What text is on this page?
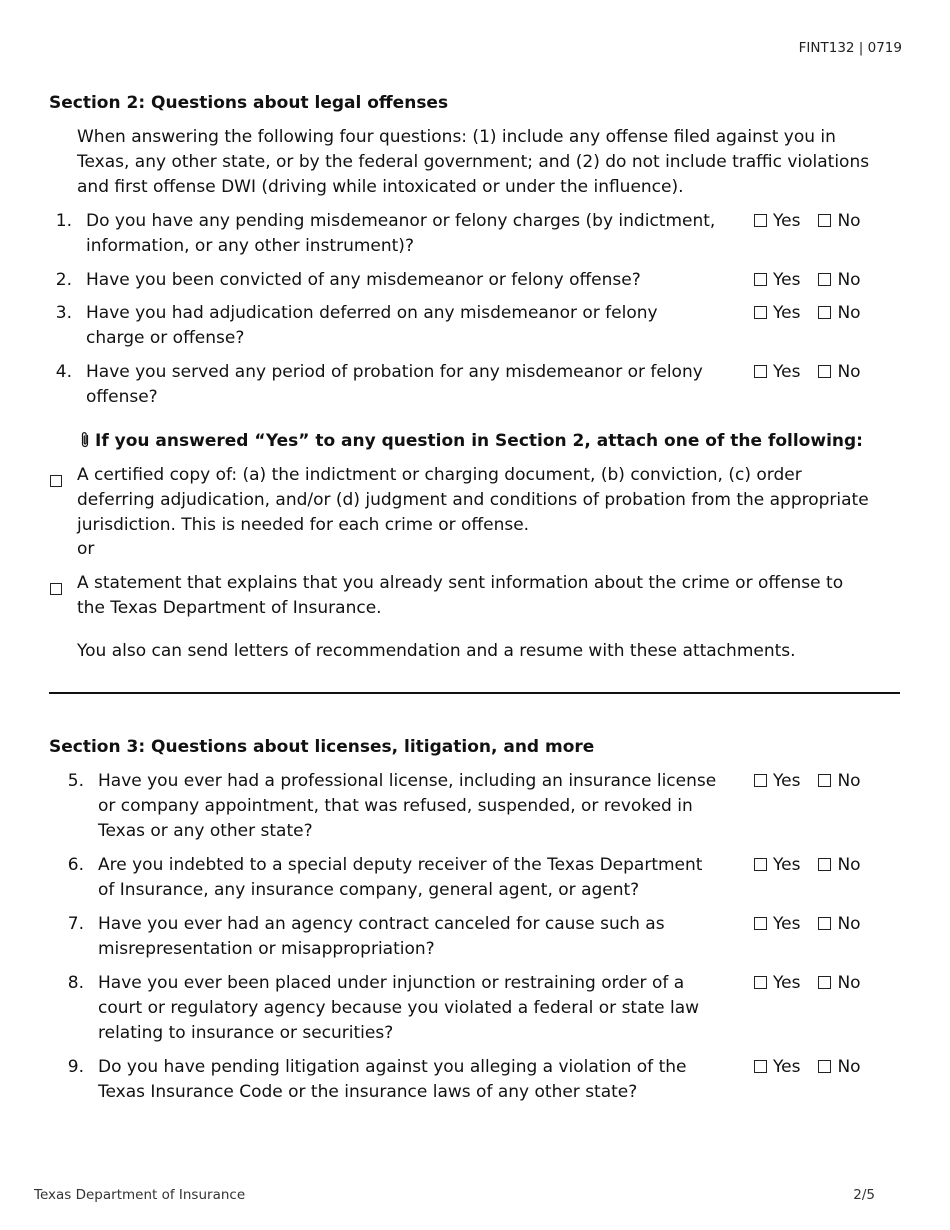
FINT132 | 0719
Section 2: Questions about legal offenses
When answering the following four questions: (1) include any offense filed against you in Texas, any other state, or by the federal government; and (2) do not include traffic violations and first offense DWI (driving while intoxicated or under the influence).
1. Do you have any pending misdemeanor or felony charges (by indictment, information, or any other instrument)?
Yes No
2. Have you been convicted of any misdemeanor or felony offense?	Yes No
3. Have you had adjudication deferred on any misdemeanor or felony charge or offense?
Yes No
4. Have you served any period of probation for any misdemeanor or felony offense?
Yes No
If you answered “Yes” to any question in Section 2, attach one of the following:
A certified copy of: (a) the indictment or charging document, (b) conviction, (c) order deferring adjudication, and/or (d) judgment and conditions of probation from the appropriate jurisdiction. This is needed for each crime or offense.
or
A statement that explains that you already sent information about the crime or offense to the Texas Department of Insurance.
You also can send letters of recommendation and a resume with these attachments.
Section 3: Questions about licenses, litigation, and more
5. Have you ever had a professional license, including an insurance license or company appointment, that was refused, suspended, or revoked in Texas or any other state?
Yes No
6. Are you indebted to a special deputy receiver of the Texas Department of Insurance, any insurance company, general agent, or agent?
Yes No
7. Have you ever had an agency contract canceled for cause such as misrepresentation or misappropriation?
Yes No
8. Have you ever been placed under injunction or restraining order of a court or regulatory agency because you violated a federal or state law relating to insurance or securities?
Yes No
9. Do you have pending litigation against you alleging a violation of the Texas Insurance Code or the insurance laws of any other state?
Yes No
Texas Department of Insurance	2/5
